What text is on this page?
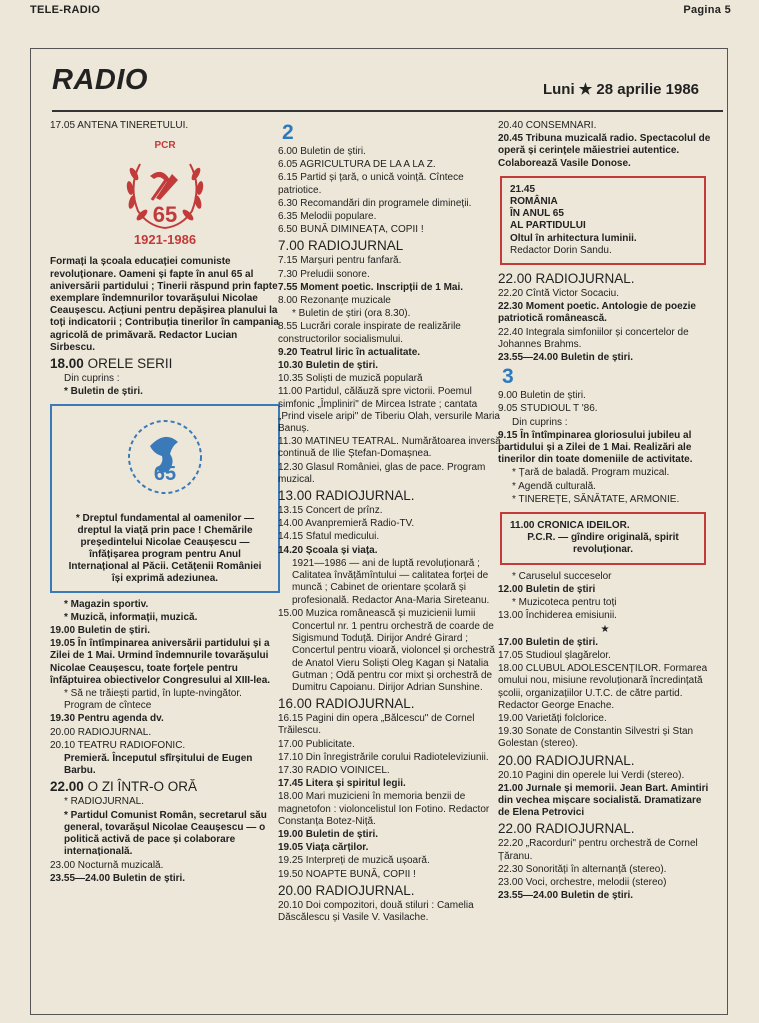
TELE-RADIO	Pagina 5
RADIO	Luni ★ 28 aprilie 1986
17.05 ANTENA TINERETULUI.
PCR
65
1921-1986
Formați la școala educației comuniste revoluționare. Oameni și fapte în anul 65 al aniversării partidului ; Tinerii răspund prin fapte exemplare îndemnurilor tovarășului Nicolae Ceaușescu. Acțiuni pentru depășirea planului la toți indicatorii ; Contribuția tinerilor în campania agricolă de primăvară. Redactor Lucian Sirbescu.
18.00 ORELE SERII
Din cuprins :
* Buletin de știri.
65
* Dreptul fundamental al oamenilor — dreptul la viață prin pace ! Chemările președintelui Nicolae Ceaușescu — înfățișarea program pentru Anul Internațional al Păcii. Cetățenii României își exprimă adeziunea.
* Magazin sportiv.
* Muzică, informații, muzică.
19.00 Buletin de știri.
19.05 În întîmpinarea aniversării partidului și a Zilei de 1 Mai. Urmind îndemnurile tovarășului Nicolae Ceaușescu, toate forțele pentru înfăptuirea obiectivelor Congresului al XIII-lea.
* Să ne trăiești partid, în lupte-nvingător. Program de cîntece
19.30 Pentru agenda dv.
20.00 RADIOJURNAL.
20.10 TEATRU RADIOFONIC.
Premieră. Începutul sfîrșitului de Eugen Barbu.
22.00 O ZI ÎNTR-O ORĂ
* RADIOJURNAL.
* Partidul Comunist Român, secretarul său general, tovarășul Nicolae Ceaușescu — o politică activă de pace și colaborare internațională.
23.00 Nocturnă muzicală.
23.55—24.00 Buletin de știri.
2
6.00 Buletin de știri.
6.05 AGRICULTURA DE LA A LA Z.
6.15 Partid și țară, o unică voință. Cîntece patriotice.
6.30 Recomandări din programele dimineții.
6.35 Melodii populare.
6.50 BUNĂ DIMINEAȚA, COPII !
7.00 RADIOJURNAL
7.15 Marșuri pentru fanfară.
7.30 Preludii sonore.
7.55 Moment poetic. Inscripții de 1 Mai.
8.00 Rezonanțe muzicale
* Buletin de știri (ora 8.30).
8.55 Lucrări corale inspirate de realizările constructorilor socialismului.
9.20 Teatrul liric în actualitate.
10.30 Buletin de știri.
10.35 Soliști de muzică populară
11.00 Partidul, călăuză spre victorii. Poemul simfonic „Împliniri" de Mircea Istrate ; cantata „Prind visele aripi" de Tiberiu Olah, versurile Maria Banuș.
11.30 MATINEU TEATRAL. Numărătoarea inversă continuă de Ilie Ștefan-Domașnea.
12.30 Glasul României, glas de pace. Program muzical.
13.00 RADIOJURNAL.
13.15 Concert de prînz.
14.00 Avanpremieră Radio-TV.
14.15 Sfatul medicului.
14.20 Școala și viața.
1921—1986 — ani de luptă revoluționară ; Calitatea învățămîntului — calitatea forței de muncă ; Cabinet de orientare școlară și profesională. Redactor Ana-Maria Sireteanu.
15.00 Muzica românească și muzicienii lumii
Concertul nr. 1 pentru orchestră de coarde de Sigismund Toduță. Dirijor André Girard ; Concertul pentru vioară, violoncel și orchestră de Anatol Vieru Soliști Oleg Kagan și Natalia Gutman ; Odă pentru cor mixt și orchestră de Dumitru Capoianu. Dirijor Adrian Sunshine.
16.00 RADIOJURNAL.
16.15 Pagini din opera „Bălcescu" de Cornel Trăilescu.
17.00 Publicitate.
17.10 Din înregistrările corului Radioteleviziunii.
17.30 RADIO VOINICEL.
17.45 Litera și spiritul legii.
18.00 Mari muzicieni în memoria benzii de magnetofon : violoncelistul Ion Fotino. Redactor Constanța Botez-Niță.
19.00 Buletin de știri.
19.05 Viața cărților.
19.25 Interpreți de muzică ușoară.
19.50 NOAPTE BUNĂ, COPII !
20.00 RADIOJURNAL.
20.10 Doi compozitori, două stiluri : Camelia Dăscălescu și Vasile V. Vasilache.
20.40 CONSEMNĂRI.
20.45 Tribuna muzicală radio. Spectacolul de operă și cerințele măiestriei autentice. Colaborează Vasile Donose.
21.45
ROMÂNIA
ÎN ANUL 65
AL PARTIDULUI
Oltul în arhitectura luminii.
Redactor Dorin Sandu.
22.00 RADIOJURNAL.
22.20 Cîntă Victor Socaciu.
22.30 Moment poetic. Antologie de poezie patriotică românească.
22.40 Integrala simfoniilor și concertelor de Johannes Brahms.
23.55—24.00 Buletin de știri.
3
9.00 Buletin de știri.
9.05 STUDIOUL T '86.
Din cuprins :
9.15 În întîmpinarea gloriosului jubileu al partidului și a Zilei de 1 Mai. Realizări ale tinerilor din toate domeniile de activitate.
* Țară de baladă. Program muzical.
* Agendă culturală.
* TINEREȚE, SĂNĂTATE, ARMONIE.
11.00 CRONICA IDEILOR.
P.C.R. — gîndire originală, spirit revoluționar.
* Caruselul succeselor
12.00 Buletin de știri
* Muzicoteca pentru toți
13.00 Închiderea emisiunii.
★
17.00 Buletin de știri.
17.05 Studioul șlagărelor.
18.00 CLUBUL ADOLESCENȚILOR. Formarea omului nou, misiune revoluționară încredințată școlii, organizațiilor U.T.C. de către partid. Redactor George Enache.
19.00 Varietăți folclorice.
19.30 Sonate de Constantin Silvestri și Stan Golestan (stereo).
20.00 RADIOJURNAL.
20.10 Pagini din operele lui Verdi (stereo).
21.00 Jurnale și memorii. Jean Bart. Amintiri din vechea mișcare socialistă. Dramatizare de Elena Petrovici
22.00 RADIOJURNAL.
22.20 „Racorduri" pentru orchestră de Cornel Țăranu.
22.30 Sonorități în alternanță (stereo).
23.00 Voci, orchestre, melodii (stereo)
23.55—24.00 Buletin de știri.
